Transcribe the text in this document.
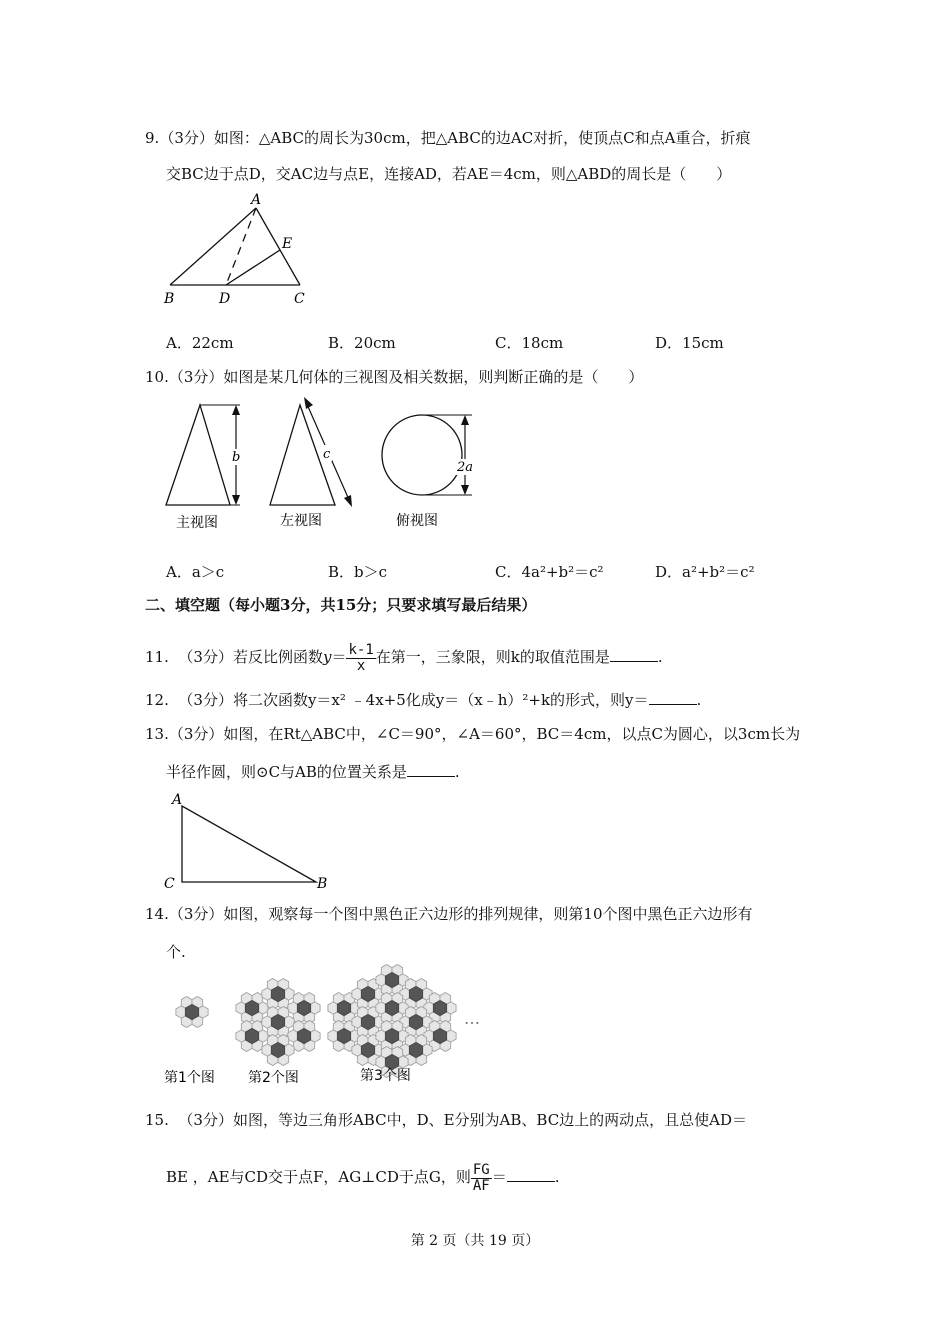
9.（3分）如图：△ABC的周长为30cm，把△ABC的边AC对折，使顶点C和点A重合，折痕
交BC边于点D，交AC边与点E，连接AD，若AE＝4cm，则△ABD的周长是（　　）
A
B	C
D
E
A．22cm	B．20cm	C．18cm	D．15cm
10.（3分）如图是某几何体的三视图及相关数据，则判断正确的是（　　）
b	c
2a
主视图	左视图	俯视图
A．a＞c	B．b＞c	C．4a²+b²＝c²	D．a²+b²＝c²
二、填空题（每小题3分，共15分；只要求填写最后结果）
11. （3分）若反比例函数$y= \frac{k-1}{x}$ 在第一，三象限，则k的取值范围是	.
12. （3分）将二次函数y＝x² ﹣4x+5化成y＝（x﹣h）²+k的形式，则y＝	.
13.（3分）如图，在Rt△ABC中，∠C＝90°，∠A＝60°，BC＝4cm，以点C为圆心，以3cm长为
半径作圆，则⊙C与AB的位置关系是	.
A
C	B
14.（3分）如图，观察每一个图中黑色正六边形的排列规律，则第10个图中黑色正六边形有
个.
…
第1个图 第2个图	第3个图
15. （3分）如图，等边三角形ABC中，D、E分别为AB、BC边上的两动点，且总使AD＝
BE ，AE与CD交于点F，AG⊥CD于点G，则 $\frac{FG}{AF}$ ＝	.
第 2 页（共 19 页）
